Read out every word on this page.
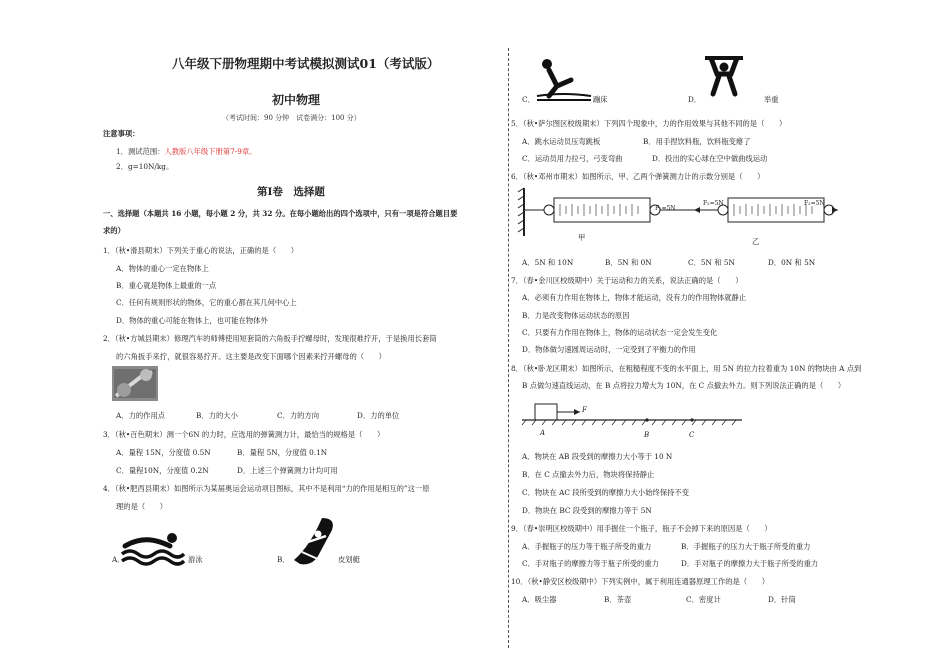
八年级下册物理期中考试模拟测试01（考试版）
初中物理
（考试时间：90 分钟　试卷满分：100 分）
注意事项：
1．测试范围：人教版八年级下册第7-9章。
2．g=10N/kg。
第Ⅰ卷　选择题
一、选择题（本题共 16 小题，每小题 2 分，共 32 分。在每小题给出的四个选项中，只有一项是符合题目要
求的）
1．（秋•滑县期末）下列关于重心的说法，正确的是（　　）
A．物体的重心一定在物体上
B．重心就是物体上最重的一点
C．任何有规则形状的物体，它的重心都在其几何中心上
D．物体的重心可能在物体上，也可能在物体外
2．（秋•方城县期末）修理汽车的师傅使用短套筒的六角扳手拧螺母时，发现很难拧开，于是换用长套筒
的六角扳手来拧，就很容易拧开。这主要是改变下面哪个因素来拧开螺母的（　　）
A．力的作用点	B．力的大小	C．力的方向	D．力的单位
3．（秋•百色期末）测一个6N 的力时，应选用的弹簧测力计，最恰当的规格是（　　）
A．量程 15N，分度值 0.5N	B．量程 5N，分度值 0.1N
C．量程10N，分度值 0.2N	D．上述三个弹簧测力计均可用
4．（秋•肥西县期末）如图所示为某届奥运会运动项目图标，其中不是利用“力的作用是相互的”这一原
理的是（　　）
A．	游泳	B．	皮划艇
C．	蹦床	D．	举重
5．（秋•萨尔图区校级期末）下列四个现象中，力的作用效果与其他不同的是（　　）
A．跳水运动员压弯跳板	B．用手捏饮料瓶，饮料瓶变瘪了
C．运动员用力拉弓，弓变弯曲	D．投出的实心球在空中做曲线运动
6．（秋•邓州市期末）如图所示，甲、乙两个弹簧测力计的示数分别是（　　）
F₁=5N
F₂=5N	F₂=5N
甲	乙
A．5N 和 10N	B．5N 和 0N	C．5N 和 5N	D．0N 和 5N
7．（春•金川区校级期中）关于运动和力的关系，说法正确的是（　　）
A．必须有力作用在物体上，物体才能运动，没有力的作用物体就静止
B．力是改变物体运动状态的原因
C．只要有力作用在物体上，物体的运动状态一定会发生变化
D．物体做匀速圆周运动时，一定受到了平衡力的作用
8．（秋•卧龙区期末）如图所示，在粗糙程度不变的水平面上，用 5N 的拉力拉着重为 10N 的物块由 A 点到
B 点做匀速直线运动，在 B 点将拉力增大为 10N，在 C 点撤去外力。则下列说法正确的是（　　）
F
A	B	C
A．物块在 AB 段受到的摩擦力大小等于 10 N
B．在 C 点撤去外力后，物块将保持静止
C．物块在 AC 段所受到的摩擦力大小始终保持不变
D．物块在 BC 段受到的摩擦力等于 5N
9．（春•崇明区校级期中）用手握住一个瓶子，瓶子不会掉下来的原因是（　　）
A．手握瓶子的压力等于瓶子所受的重力	B．手握瓶子的压力大于瓶子所受的重力
C．手对瓶子的摩擦力等于瓶子所受的重力	D．手对瓶子的摩擦力大于瓶子所受的重力
10．（秋•静安区校级期中）下列实例中，属于利用连通器原理工作的是（　　）
A．吸尘器	B．茶壶	C．密度计	D．针筒
